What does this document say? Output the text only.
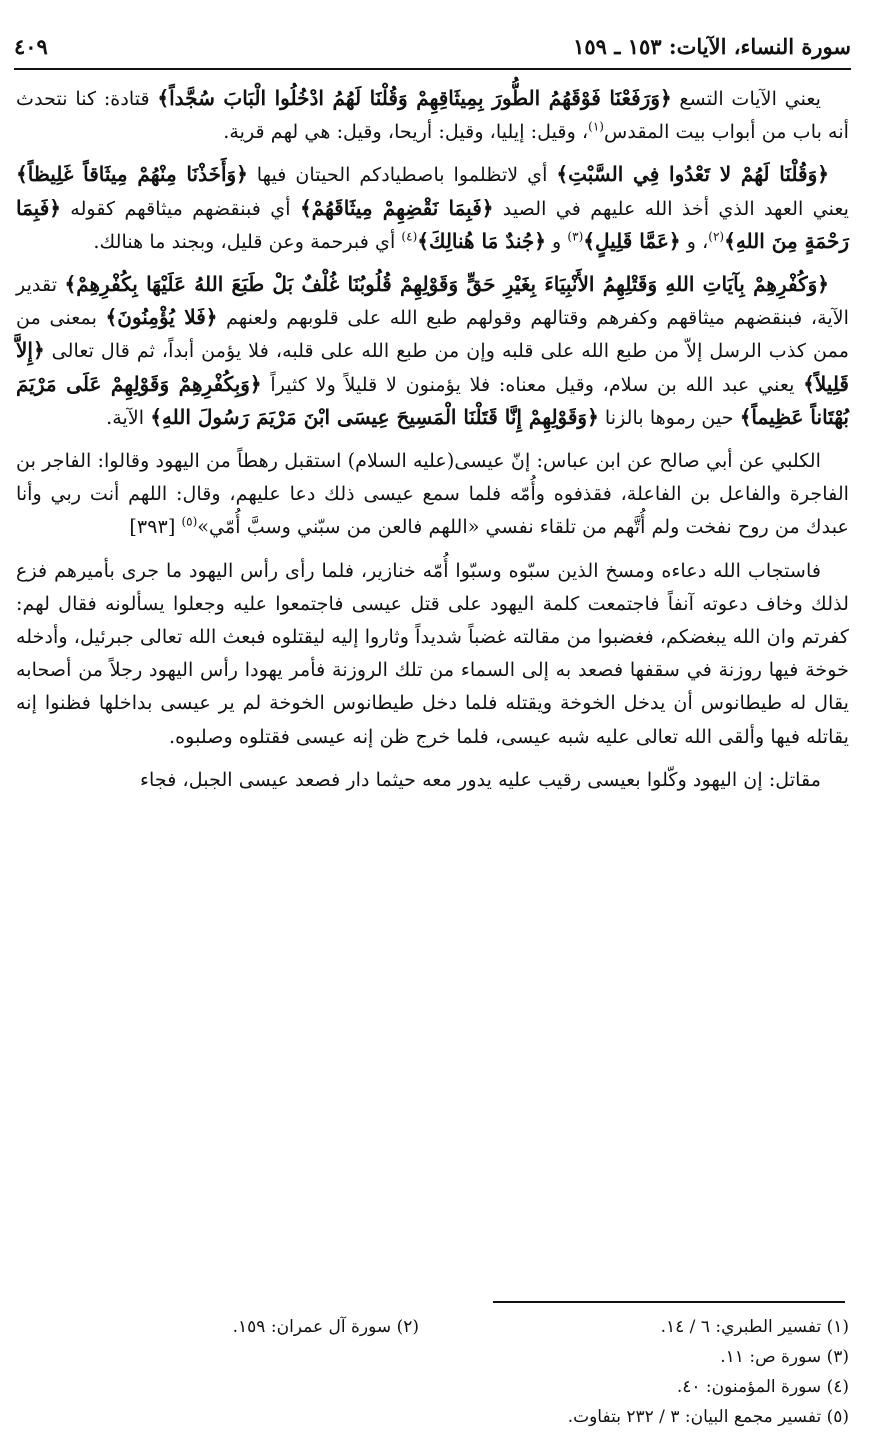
سورة النساء، الآيات: ١٥٣ ـ ١٥٩
٤٠٩

يعني الآيات التسع ﴿وَرَفَعْنَا فَوْقَهُمُ الطُّورَ بِمِيثَاقِهِمْ وَقُلْنَا لَهُمُ ادْخُلُوا الْبَابَ سُجَّداً﴾ قتادة: كنا نتحدث أنه باب من أبواب بيت المقدس$^{(١)}$، وقيل: إيليا، وقيل: أريحا، وقيل: هي لهم قرية.

﴿وَقُلْنَا لَهُمْ لا تَعْدُوا فِي السَّبْتِ﴾ أي لاتظلموا باصطيادكم الحيتان فيها ﴿وَأَخَذْنَا مِنْهُمْ مِيثَاقاً غَلِيظاً﴾ يعني العهد الذي أخذ الله عليهم في الصيد ﴿فَبِمَا نَقْضِهِمْ مِيثَاقَهُمْ﴾ أي فبنقضهم ميثاقهم كقوله ﴿فَبِمَا رَحْمَةٍ مِنَ اللهِ﴾$^{(٢)}$، و ﴿عَمَّا قَلِيلٍ﴾$^{(٣)}$ و ﴿جُندٌ مَا هُنالِكَ﴾$^{(٤)}$ أي فبرحمة وعن قليل، وبجند ما هنالك.

﴿وَكُفْرِهِمْ بِآيَاتِ اللهِ وَقَتْلِهِمُ الأَنْبِيَاءَ بِغَيْرِ حَقٍّ وَقَوْلِهِمْ قُلُوبُنَا غُلْفٌ بَلْ طَبَعَ اللهُ عَلَيْهَا بِكُفْرِهِمْ﴾ تقدير الآية، فبنقضهم ميثاقهم وكفرهم وقتالهم وقولهم طبع الله على قلوبهم ولعنهم ﴿فَلا يُؤْمِنُونَ﴾ بمعنى من ممن كذب الرسل إلاّ من طبع الله على قلبه وإن من طبع الله على قلبه، فلا يؤمن أبداً، ثم قال تعالى ﴿إِلاَّ قَلِيلاً﴾ يعني عبد الله بن سلام، وقيل معناه: فلا يؤمنون لا قليلاً ولا كثيراً ﴿وَبِكُفْرِهِمْ وَقَوْلِهِمْ عَلَى مَرْيَمَ بُهْتَاناً عَظِيماً﴾ حين رموها بالزنا ﴿وَقَوْلِهِمْ إِنَّا قَتَلْنَا الْمَسِيحَ عِيسَى ابْنَ مَرْيَمَ رَسُولَ اللهِ﴾ الآية.

الكلبي عن أبي صالح عن ابن عباس: إنّ عيسى(عليه السلام) استقبل رهطاً من اليهود وقالوا: الفاجر بن الفاجرة والفاعل بن الفاعلة، فقذفوه وأُمّه فلما سمع عيسى ذلك دعا عليهم، وقال: اللهم أنت ربي وأنا عبدك من روح نفخت ولم أُتَّهم من تلقاء نفسي «اللهم فالعن من سبّني وسبَّ أُمّي»$^{(٥)}$ [٣٩٣]

فاستجاب الله دعاءه ومسخ الذين سبّوه وسبّوا أُمّه خنازير، فلما رأى رأس اليهود ما جرى بأميرهم فزع لذلك وخاف دعوته آنفاً فاجتمعت كلمة اليهود على قتل عيسى فاجتمعوا عليه وجعلوا يسألونه فقال لهم: كفرتم وان الله يبغضكم، فغضبوا من مقالته غضباً شديداً وثاروا إليه ليقتلوه فبعث الله تعالى جبرئيل، وأدخله خوخة فيها روزنة في سقفها فصعد به إلى السماء من تلك الروزنة فأمر يهودا رأس اليهود رجلاً من أصحابه يقال له طيطانوس أن يدخل الخوخة ويقتله فلما دخل طيطانوس الخوخة لم ير عيسى بداخلها فظنوا إنه يقاتله فيها وألقى الله تعالى عليه شبه عيسى، فلما خرج ظن إنه عيسى فقتلوه وصلبوه.

مقاتل: إن اليهود وكّلوا بعيسى رقيب عليه يدور معه حيثما دار فصعد عيسى الجبل، فجاء

(١) تفسير الطبري: ٦ / ١٤.
(٢) سورة آل عمران: ١٥٩.
(٣) سورة ص: ١١.
(٤) سورة المؤمنون: ٤٠.
(٥) تفسير مجمع البيان: ٣ / ٢٣٢ بتفاوت.
